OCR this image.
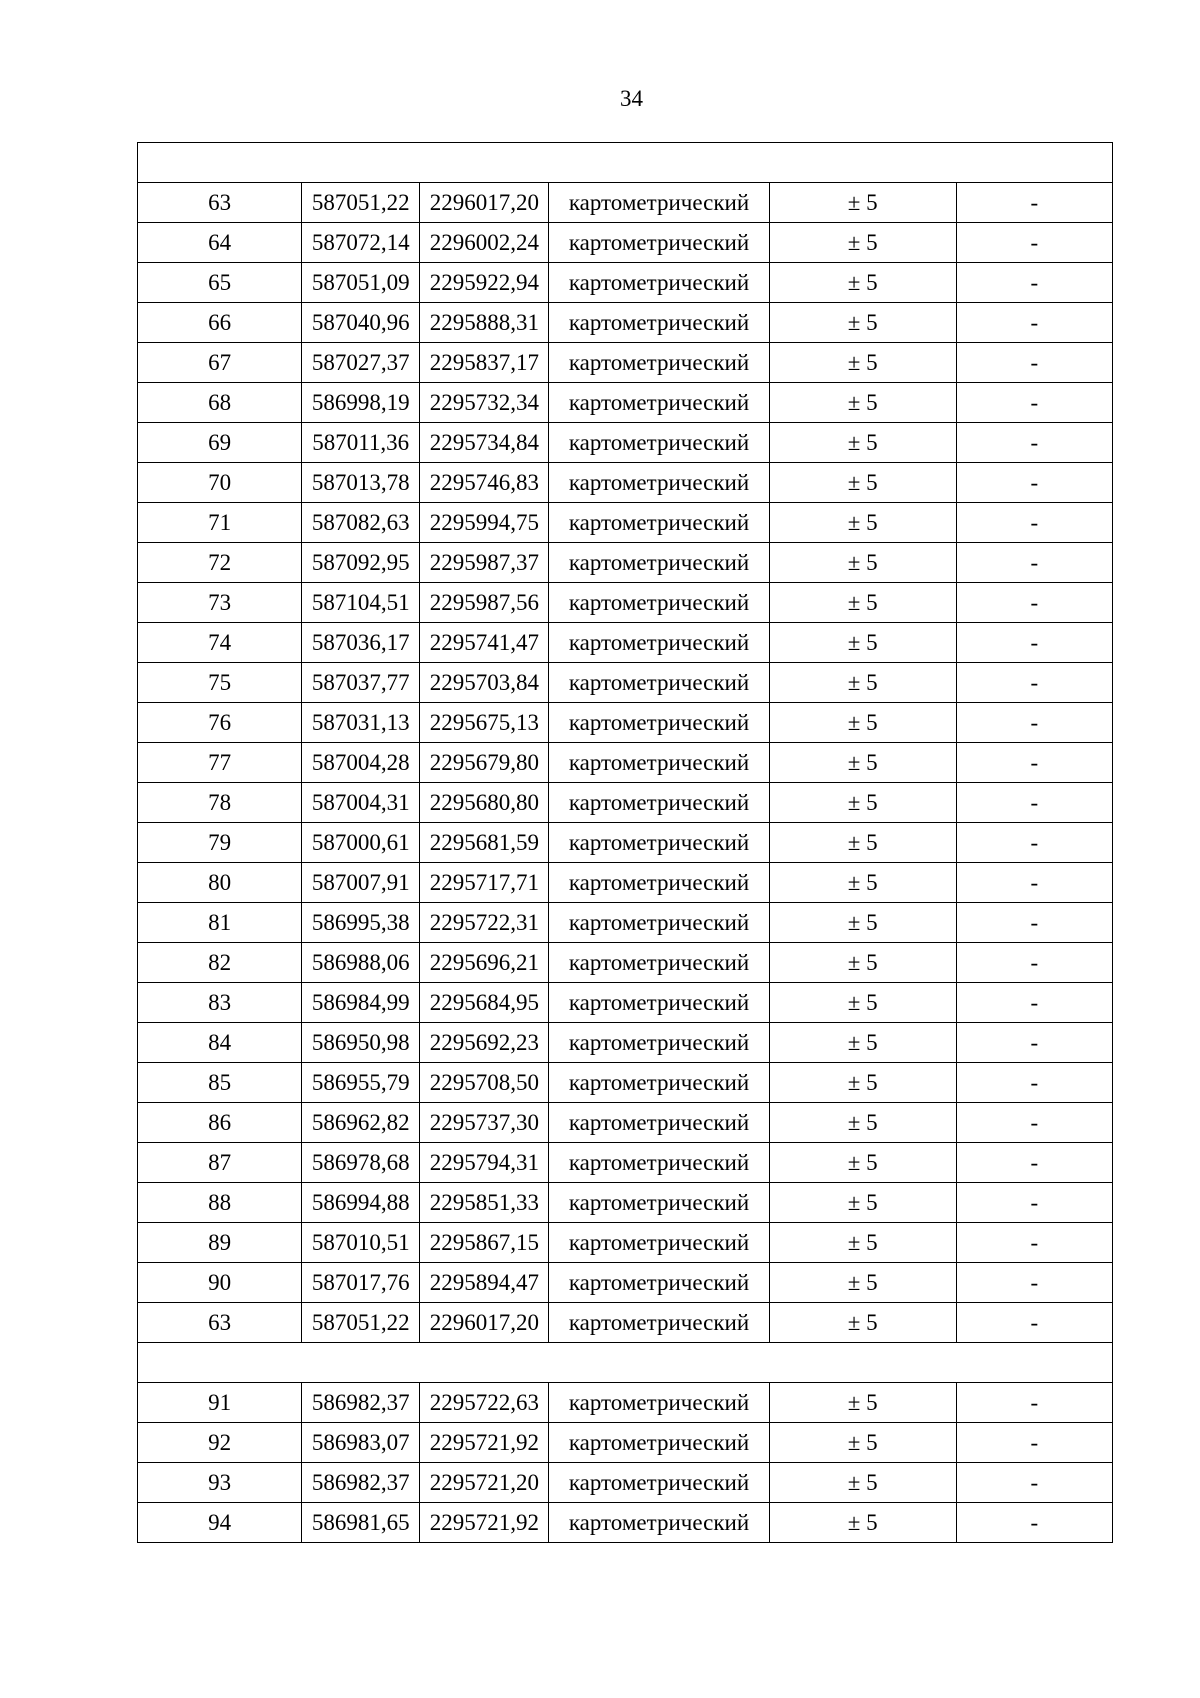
34

63	587051,22	2296017,20	картометрический	± 5	-
64	587072,14	2296002,24	картометрический	± 5	-
65	587051,09	2295922,94	картометрический	± 5	-
66	587040,96	2295888,31	картометрический	± 5	-
67	587027,37	2295837,17	картометрический	± 5	-
68	586998,19	2295732,34	картометрический	± 5	-
69	587011,36	2295734,84	картометрический	± 5	-
70	587013,78	2295746,83	картометрический	± 5	-
71	587082,63	2295994,75	картометрический	± 5	-
72	587092,95	2295987,37	картометрический	± 5	-
73	587104,51	2295987,56	картометрический	± 5	-
74	587036,17	2295741,47	картометрический	± 5	-
75	587037,77	2295703,84	картометрический	± 5	-
76	587031,13	2295675,13	картометрический	± 5	-
77	587004,28	2295679,80	картометрический	± 5	-
78	587004,31	2295680,80	картометрический	± 5	-
79	587000,61	2295681,59	картометрический	± 5	-
80	587007,91	2295717,71	картометрический	± 5	-
81	586995,38	2295722,31	картометрический	± 5	-
82	586988,06	2295696,21	картометрический	± 5	-
83	586984,99	2295684,95	картометрический	± 5	-
84	586950,98	2295692,23	картометрический	± 5	-
85	586955,79	2295708,50	картометрический	± 5	-
86	586962,82	2295737,30	картометрический	± 5	-
87	586978,68	2295794,31	картометрический	± 5	-
88	586994,88	2295851,33	картометрический	± 5	-
89	587010,51	2295867,15	картометрический	± 5	-
90	587017,76	2295894,47	картометрический	± 5	-
63	587051,22	2296017,20	картометрический	± 5	-

91	586982,37	2295722,63	картометрический	± 5	-
92	586983,07	2295721,92	картометрический	± 5	-
93	586982,37	2295721,20	картометрический	± 5	-
94	586981,65	2295721,92	картометрический	± 5	-
